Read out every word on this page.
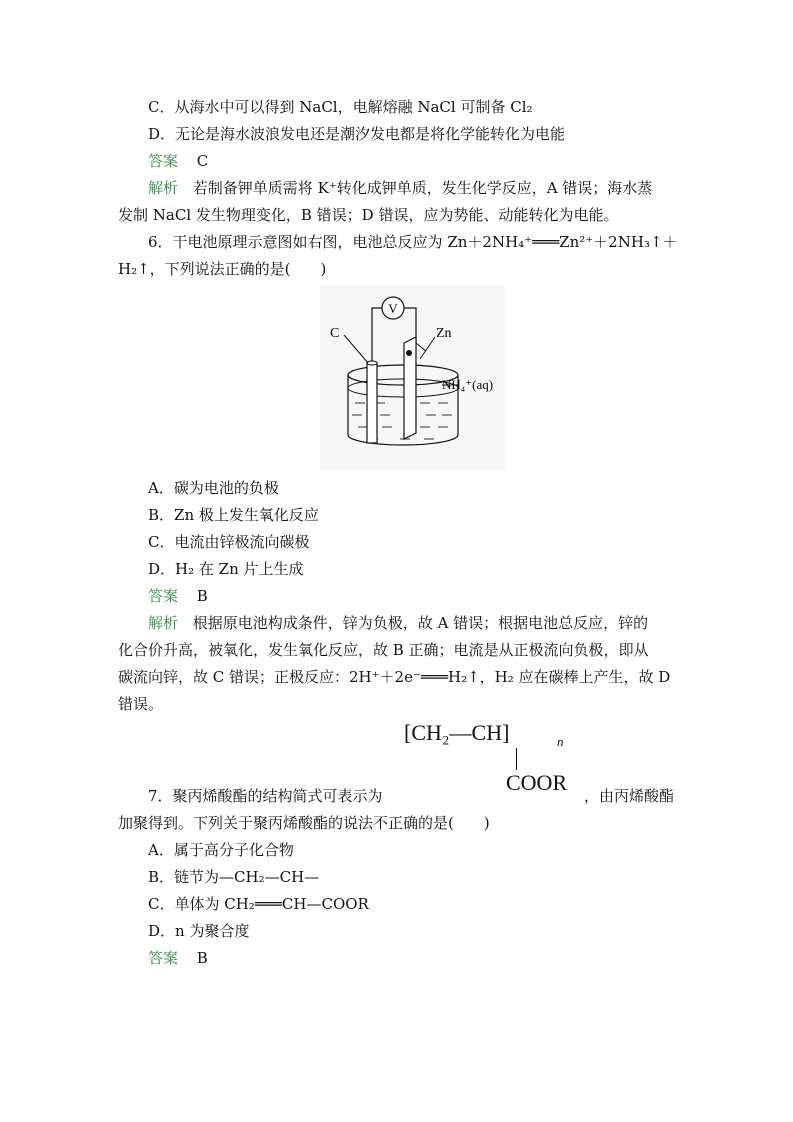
C．从海水中可以得到 NaCl，电解熔融 NaCl 可制备 Cl₂
D．无论是海水波浪发电还是潮汐发电都是将化学能转化为电能
答案 C
解析 若制备钾单质需将 K⁺转化成钾单质，发生化学反应，A 错误；海水蒸
发制 NaCl 发生物理变化，B 错误；D 错误，应为势能、动能转化为电能。
6．干电池原理示意图如右图，电池总反应为 Zn＋2NH₄⁺═══Zn²⁺＋2NH₃↑＋
H₂↑，下列说法正确的是(　　)
V
C	Zn
NH₄⁺(aq)
A．碳为电池的负极
B．Zn 极上发生氧化反应
C．电流由锌极流向碳极
D．H₂ 在 Zn 片上生成
答案 B
解析 根据原电池构成条件，锌为负极，故 A 错误；根据电池总反应，锌的
化合价升高，被氧化，发生氧化反应，故 B 正确；电流是从正极流向负极，即从
碳流向锌，故 C 错误；正极反应：2H⁺＋2e⁻═══H₂↑，H₂ 应在碳棒上产生，故 D
错误。
[CH₂—CH]	n
COOR
7．聚丙烯酸酯的结构简式可表示为	，由丙烯酸酯
加聚得到。下列关于聚丙烯酸酯的说法不正确的是(　　)
A．属于高分子化合物
B．链节为—CH₂—CH—
C．单体为 CH₂═══CH—COOR
D．n 为聚合度
答案 B
